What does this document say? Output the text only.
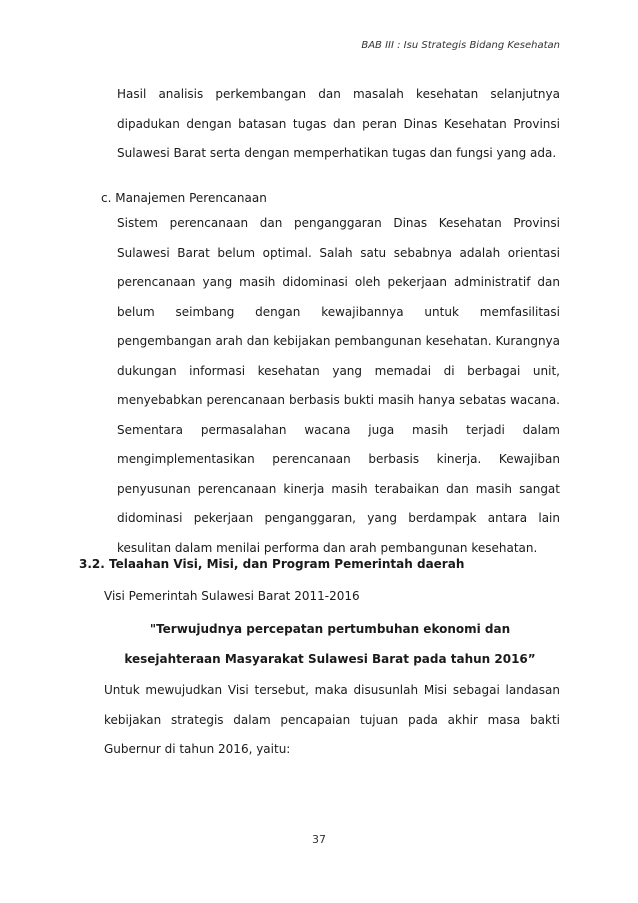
BAB III : Isu Strategis Bidang Kesehatan

Hasil analisis perkembangan dan masalah kesehatan selanjutnya dipadukan dengan batasan tugas dan peran Dinas Kesehatan Provinsi Sulawesi Barat serta dengan memperhatikan tugas dan fungsi yang ada.

c. Manajemen Perencanaan

Sistem perencanaan dan penganggaran Dinas Kesehatan Provinsi Sulawesi Barat belum optimal. Salah satu sebabnya adalah orientasi perencanaan yang masih didominasi oleh pekerjaan administratif dan belum seimbang dengan kewajibannya untuk memfasilitasi pengembangan arah dan kebijakan pembangunan kesehatan. Kurangnya dukungan informasi kesehatan yang memadai di berbagai unit, menyebabkan perencanaan berbasis bukti masih hanya sebatas wacana. Sementara permasalahan wacana juga masih terjadi dalam mengimplementasikan perencanaan berbasis kinerja. Kewajiban penyusunan perencanaan kinerja masih terabaikan dan masih sangat didominasi pekerjaan penganggaran, yang berdampak antara lain kesulitan dalam menilai performa dan arah pembangunan kesehatan.

3.2. Telaahan Visi, Misi, dan Program Pemerintah daerah

Visi Pemerintah Sulawesi Barat 2011-2016

"Terwujudnya percepatan pertumbuhan ekonomi dan kesejahteraan Masyarakat Sulawesi Barat pada tahun 2016”

Untuk mewujudkan Visi tersebut, maka disusunlah Misi sebagai landasan kebijakan strategis dalam pencapaian tujuan pada akhir masa bakti Gubernur di tahun 2016, yaitu:

37
